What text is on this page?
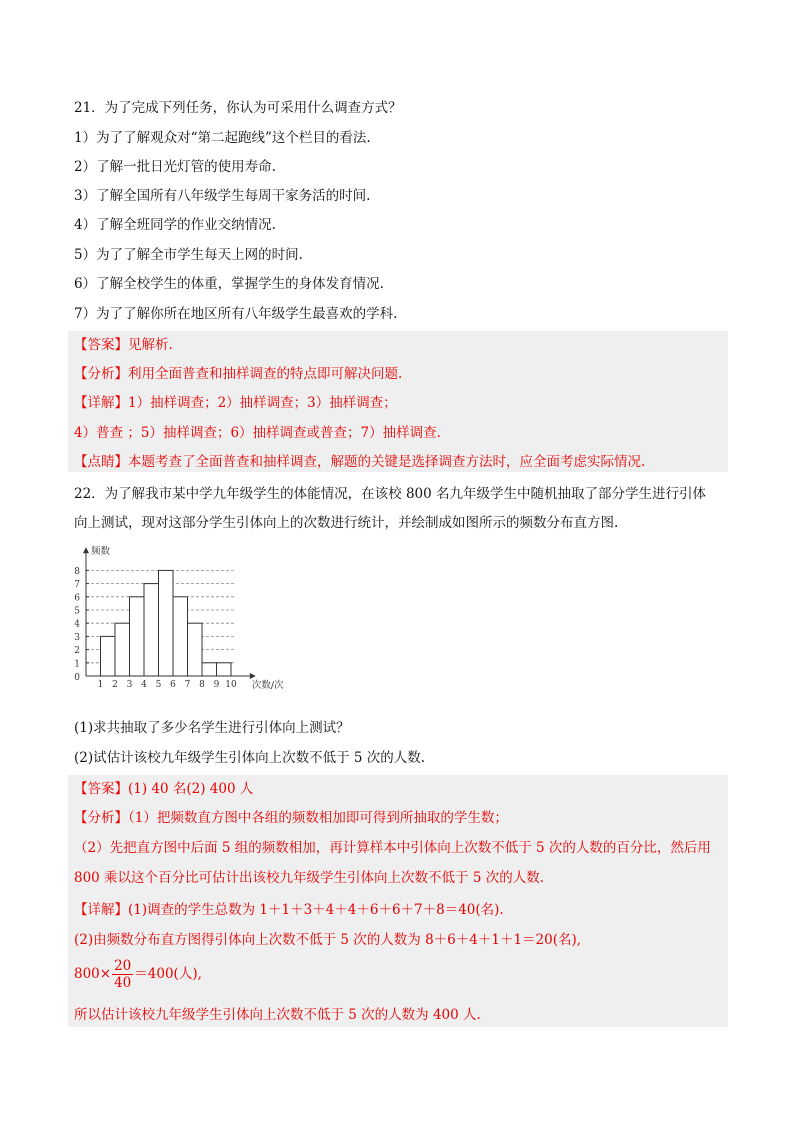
21．为了完成下列任务，你认为可采用什么调查方式？
1）为了了解观众对“第二起跑线”这个栏目的看法.
2）了解一批日光灯管的使用寿命.
3）了解全国所有八年级学生每周干家务活的时间.
4）了解全班同学的作业交纳情况.
5）为了了解全市学生每天上网的时间.
6）了解全校学生的体重，掌握学生的身体发育情况.
7）为了了解你所在地区所有八年级学生最喜欢的学科.
【答案】见解析.
【分析】利用全面普查和抽样调查的特点即可解决问题.
【详解】1）抽样调查；2）抽样调查；3）抽样调查；
4）普查 ；5）抽样调查；6）抽样调查或普查；7）抽样调查.
【点睛】本题考查了全面普查和抽样调查，解题的关键是选择调查方法时，应全面考虑实际情况.
22．为了解我市某中学九年级学生的体能情况，在该校 800 名九年级学生中随机抽取了部分学生进行引体
向上测试，现对这部分学生引体向上的次数进行统计，并绘制成如图所示的频数分布直方图.
1
2
3
4
5
6
7
8
1 2 3 4 5 6 7 8 9 10
0
频数
次数/次
(1)求共抽取了多少名学生进行引体向上测试？
(2)试估计该校九年级学生引体向上次数不低于 5 次的人数.
【答案】(1) 40 名(2) 400 人
【分析】（1）把频数直方图中各组的频数相加即可得到所抽取的学生数；
（2）先把直方图中后面 5 组的频数相加，再计算样本中引体向上次数不低于 5 次的人数的百分比，然后用
800 乘以这个百分比可估计出该校九年级学生引体向上次数不低于 5 次的人数.
【详解】(1)调查的学生总数为 1＋1＋3＋4＋4＋6＋6＋7＋8＝40(名).
(2)由频数分布直方图得引体向上次数不低于 5 次的人数为 8＋6＋4＋1＋1＝20(名),
$800\times \frac{20}{40} =400$(人),
所以估计该校九年级学生引体向上次数不低于 5 次的人数为 400 人.
